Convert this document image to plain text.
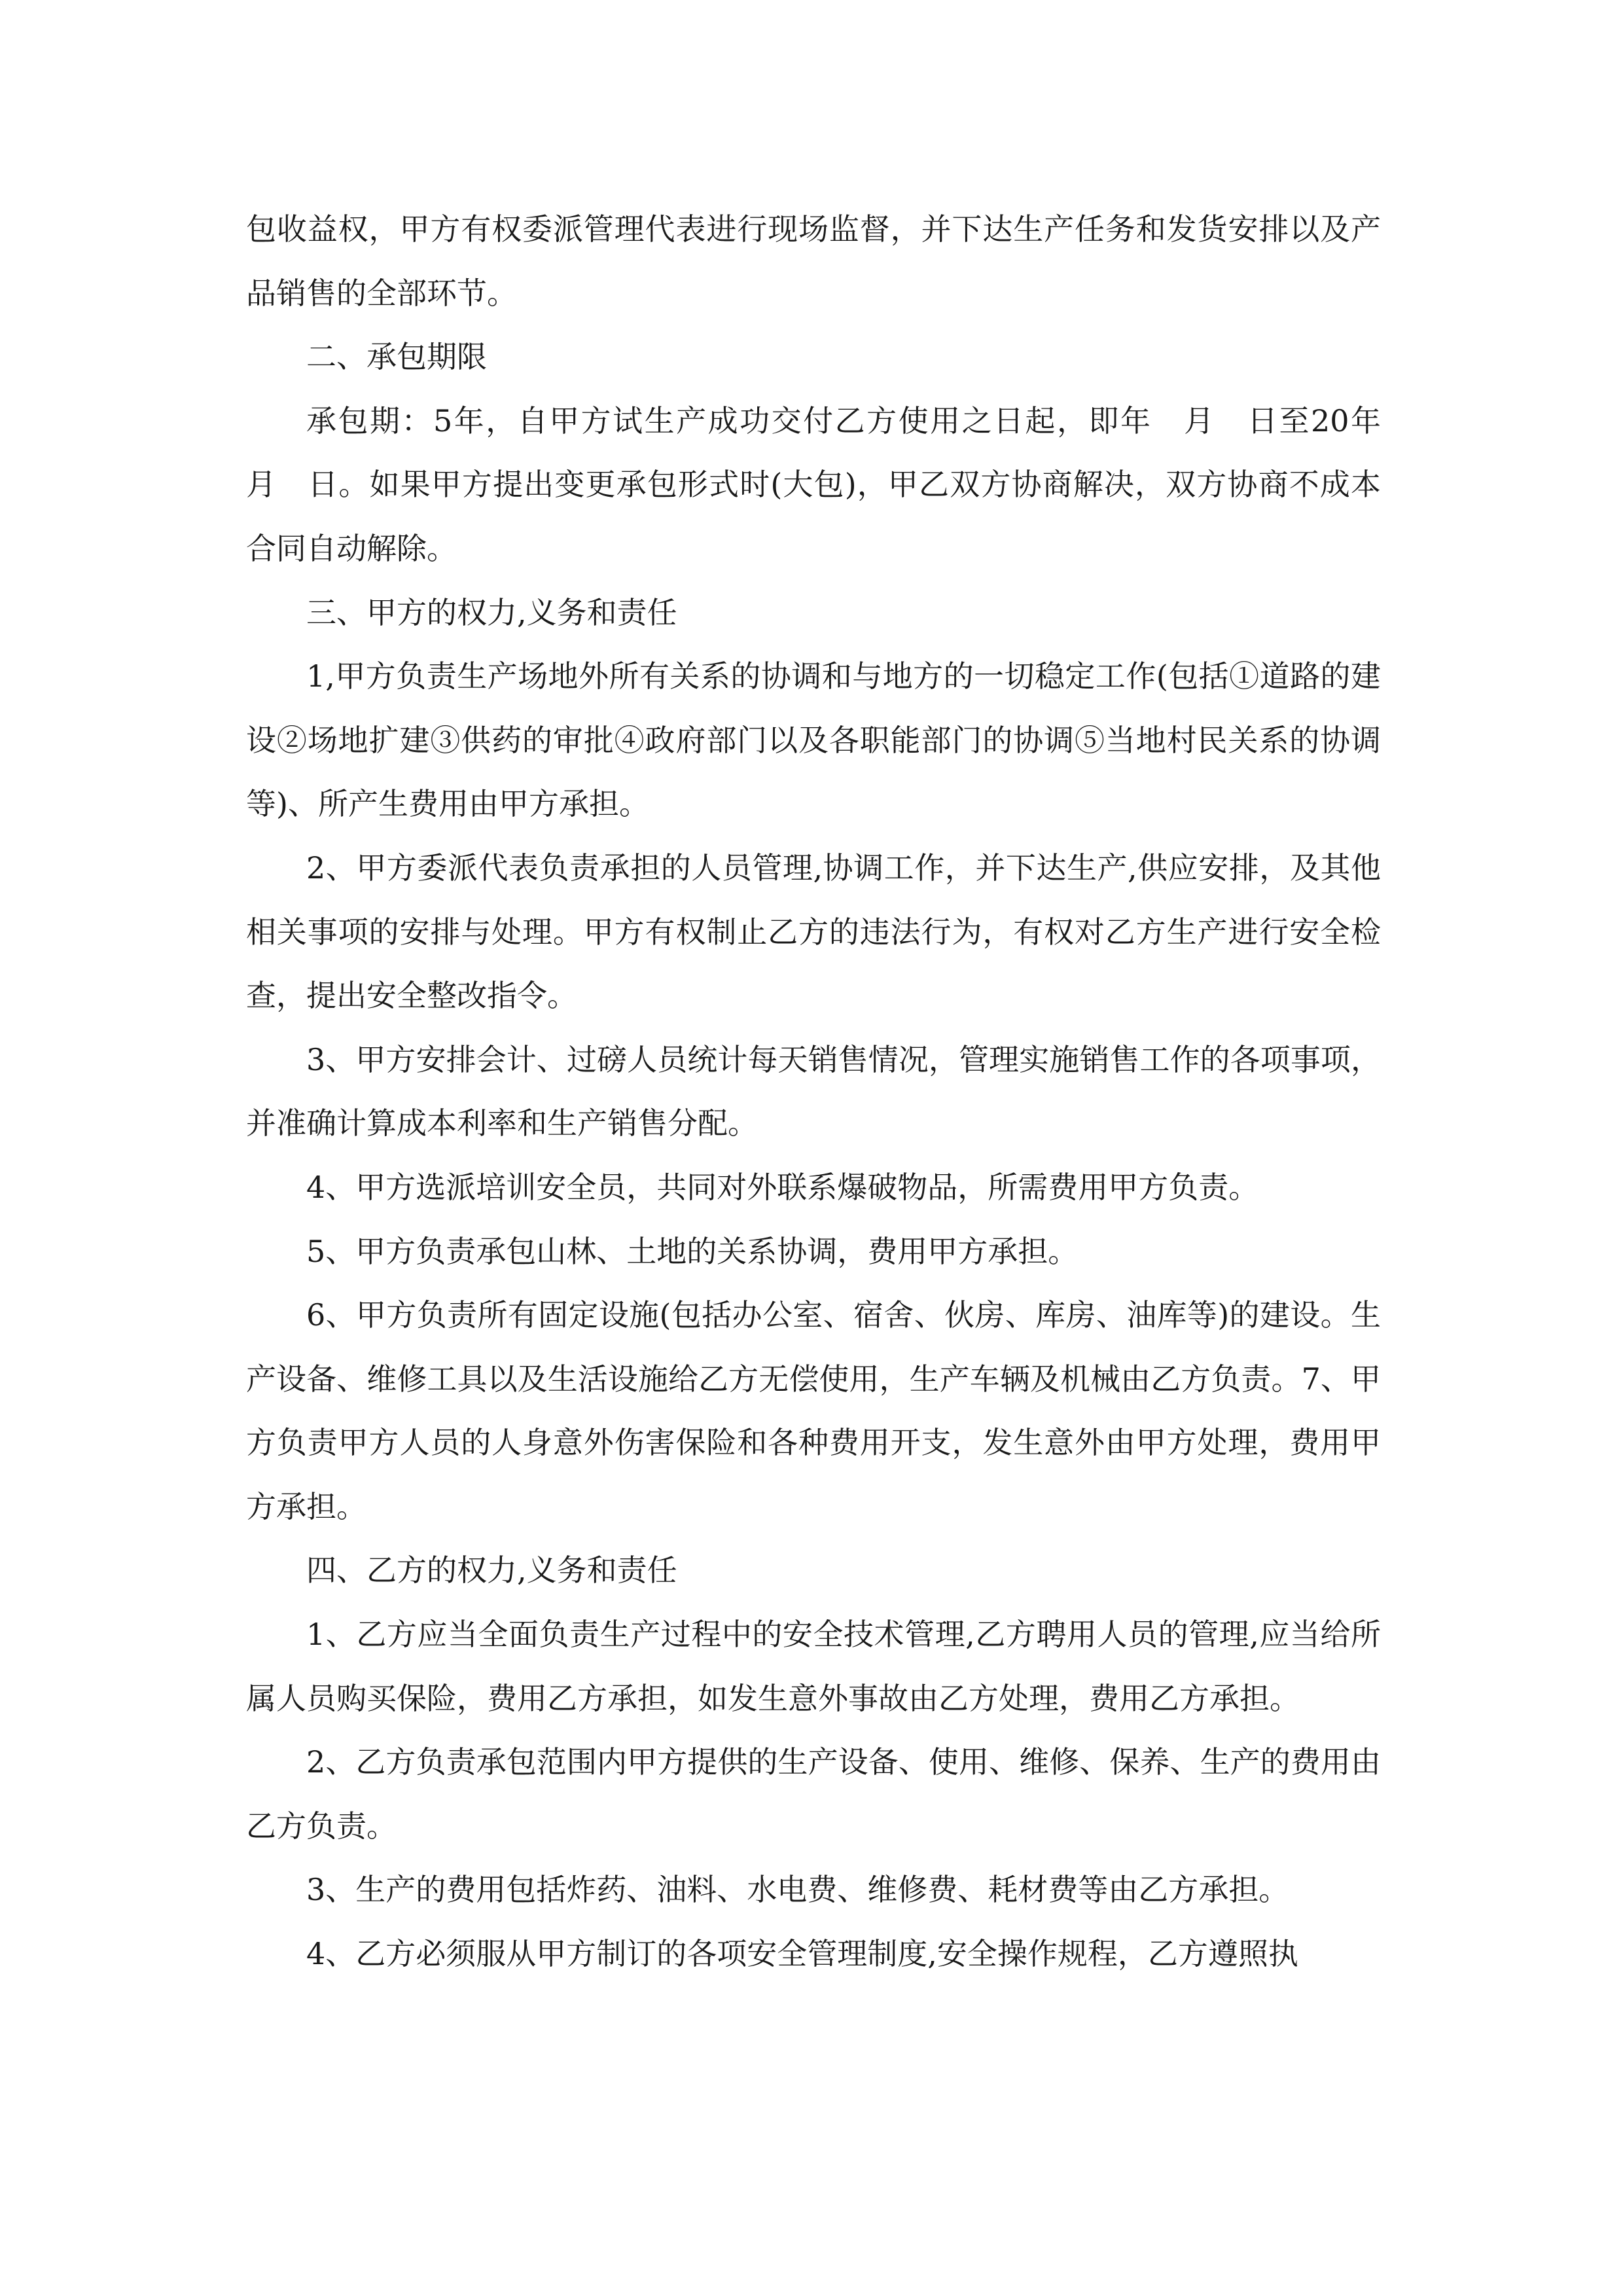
包收益权，甲方有权委派管理代表进行现场监督，并下达生产任务和发货安排以及产品销售的全部环节。

二、承包期限

承包期：5年，自甲方试生产成功交付乙方使用之日起，即年　月　日至20年　月　日。如果甲方提出变更承包形式时(大包)，甲乙双方协商解决，双方协商不成本合同自动解除。

三、甲方的权力,义务和责任

1,甲方负责生产场地外所有关系的协调和与地方的一切稳定工作(包括①道路的建设②场地扩建③供药的审批④政府部门以及各职能部门的协调⑤当地村民关系的协调等)、所产生费用由甲方承担。

2、甲方委派代表负责承担的人员管理,协调工作，并下达生产,供应安排，及其他相关事项的安排与处理。甲方有权制止乙方的违法行为，有权对乙方生产进行安全检查，提出安全整改指令。

3、甲方安排会计、过磅人员统计每天销售情况，管理实施销售工作的各项事项，并准确计算成本利率和生产销售分配。

4、甲方选派培训安全员，共同对外联系爆破物品，所需费用甲方负责。

5、甲方负责承包山林、土地的关系协调，费用甲方承担。

6、甲方负责所有固定设施(包括办公室、宿舍、伙房、库房、油库等)的建设。生产设备、维修工具以及生活设施给乙方无偿使用，生产车辆及机械由乙方负责。7、甲方负责甲方人员的人身意外伤害保险和各种费用开支，发生意外由甲方处理，费用甲方承担。

四、乙方的权力,义务和责任

1、乙方应当全面负责生产过程中的安全技术管理,乙方聘用人员的管理,应当给所属人员购买保险，费用乙方承担，如发生意外事故由乙方处理，费用乙方承担。

2、乙方负责承包范围内甲方提供的生产设备、使用、维修、保养、生产的费用由乙方负责。

3、生产的费用包括炸药、油料、水电费、维修费、耗材费等由乙方承担。

4、乙方必须服从甲方制订的各项安全管理制度,安全操作规程，乙方遵照执
